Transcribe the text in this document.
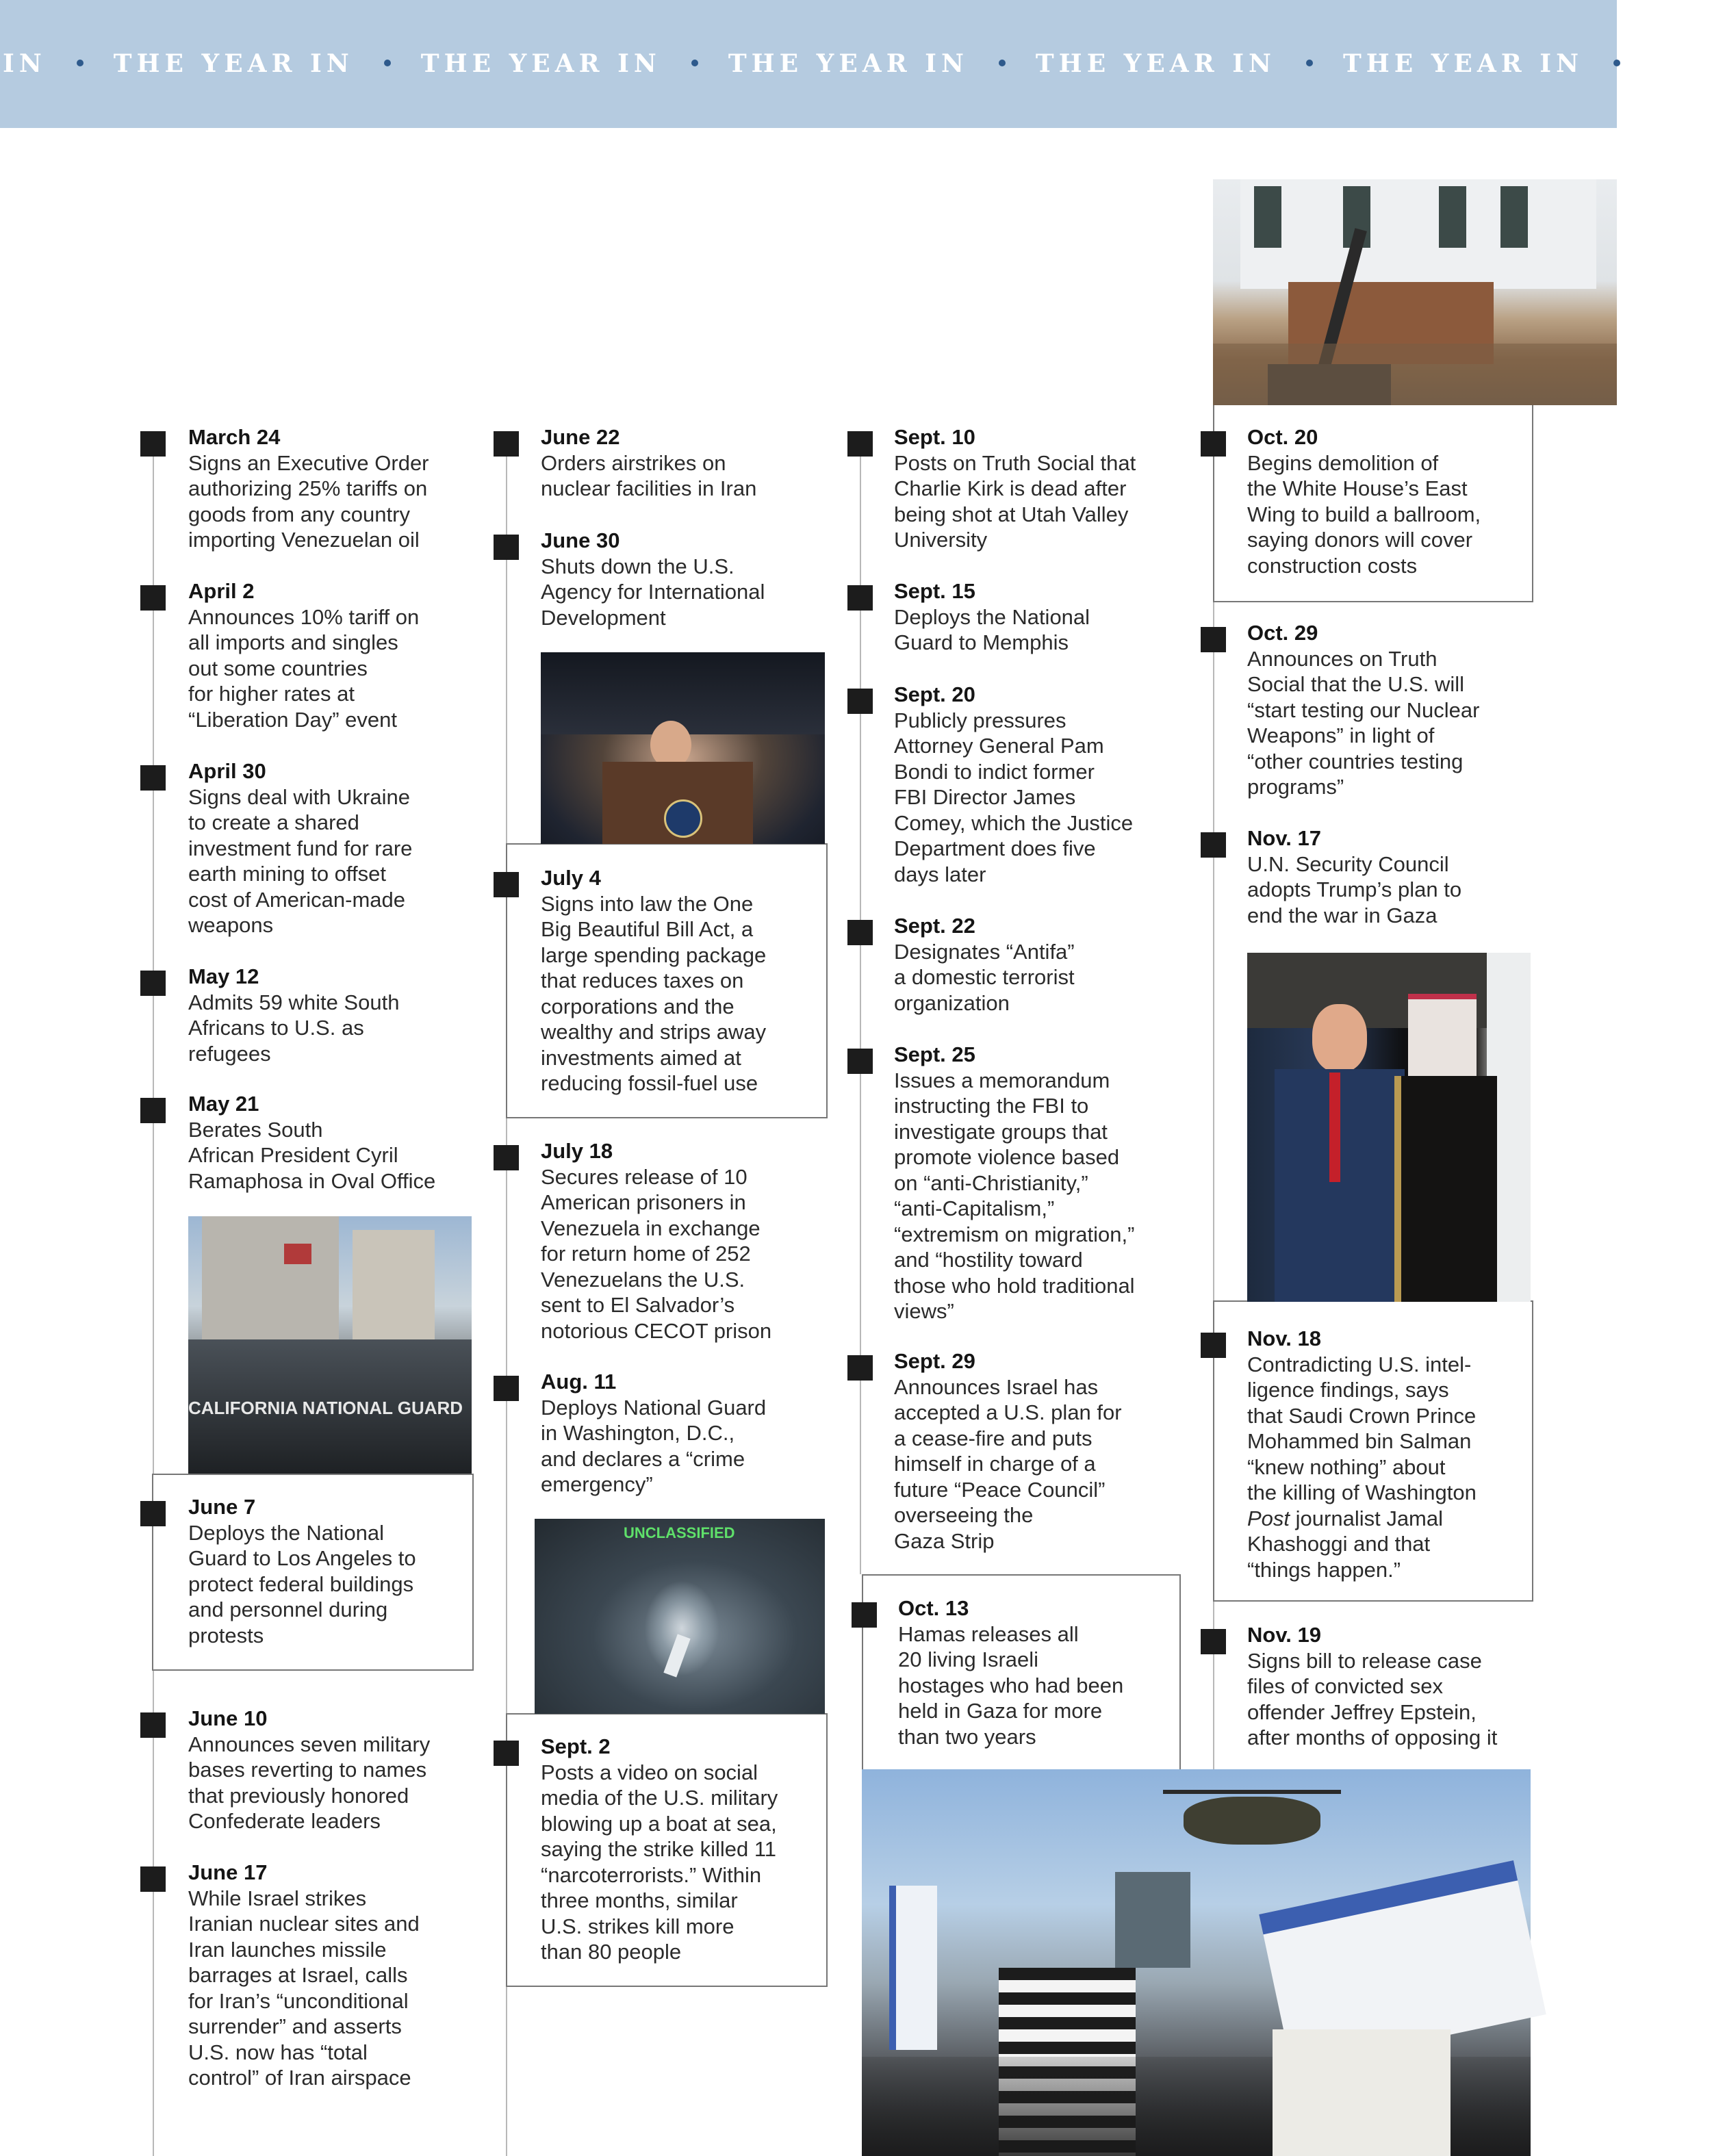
IN	THE YEAR IN	THE YEAR IN	THE YEAR IN	THE YEAR IN	THE YEAR IN	THE
CALIFORNIA NATIONAL GUARD
UNCLASSIFIED
March 24
Signs an Executive Order
authorizing 25% tariffs on
goods from any country
importing Venezuelan oil
April 2
Announces 10% tariff on
all imports and singles
out some countries
for higher rates at
“Liberation Day” event
April 30
Signs deal with Ukraine
to create a shared
investment fund for rare
earth mining to offset
cost of American-made
weapons
May 12
Admits 59 white South
Africans to U.S. as
refugees
May 21
Berates South
African President Cyril
Ramaphosa in Oval Office
June 7
Deploys the National
Guard to Los Angeles to
protect federal buildings
and personnel during
protests
June 10
Announces seven military
bases reverting to names
that previously honored
Confederate leaders
June 17
While Israel strikes
Iranian nuclear sites and
Iran launches missile
barrages at Israel, calls
for Iran’s “unconditional
surrender” and asserts
U.S. now has “total
control” of Iran airspace
June 22
Orders airstrikes on
nuclear facilities in Iran
June 30
Shuts down the U.S.
Agency for International
Development
July 4
Signs into law the One
Big Beautiful Bill Act, a
large spending package
that reduces taxes on
corporations and the
wealthy and strips away
investments aimed at
reducing fossil-fuel use
July 18
Secures release of 10
American prisoners in
Venezuela in exchange
for return home of 252
Venezuelans the U.S.
sent to El Salvador’s
notorious CECOT prison
Aug. 11
Deploys National Guard
in Washington, D.C.,
and declares a “crime
emergency”
Sept. 2
Posts a video on social
media of the U.S. military
blowing up a boat at sea,
saying the strike killed 11
“narcoterrorists.” Within
three months, similar
U.S. strikes kill more
than 80 people
Sept. 10
Posts on Truth Social that
Charlie Kirk is dead after
being shot at Utah Valley
University
Sept. 15
Deploys the National
Guard to Memphis
Sept. 20
Publicly pressures
Attorney General Pam
Bondi to indict former
FBI Director James
Comey, which the Justice
Department does five
days later
Sept. 22
Designates “Antifa”
a domestic terrorist
organization
Sept. 25
Issues a memorandum
instructing the FBI to
investigate groups that
promote violence based
on “anti-Christianity,”
“anti-Capitalism,”
“extremism on migration,”
and “hostility toward
those who hold traditional
views”
Sept. 29
Announces Israel has
accepted a U.S. plan for
a cease-fire and puts
himself in charge of a
future “Peace Council”
overseeing the
Gaza Strip
Oct. 13
Hamas releases all
20 living Israeli
hostages who had been
held in Gaza for more
than two years
Oct. 20
Begins demolition of
the White House’s East
Wing to build a ballroom,
saying donors will cover
construction costs
Oct. 29
Announces on Truth
Social that the U.S. will
“start testing our Nuclear
Weapons” in light of
“other countries testing
programs”
Nov. 17
U.N. Security Council
adopts Trump’s plan to
end the war in Gaza
Nov. 18
Contradicting U.S. intel-
ligence findings, says
that Saudi Crown Prince
Mohammed bin Salman
“knew nothing” about
the killing of Washington
Post journalist Jamal
Khashoggi and that
“things happen.”
Nov. 19
Signs bill to release case
files of convicted sex
offender Jeffrey Epstein,
after months of opposing it
